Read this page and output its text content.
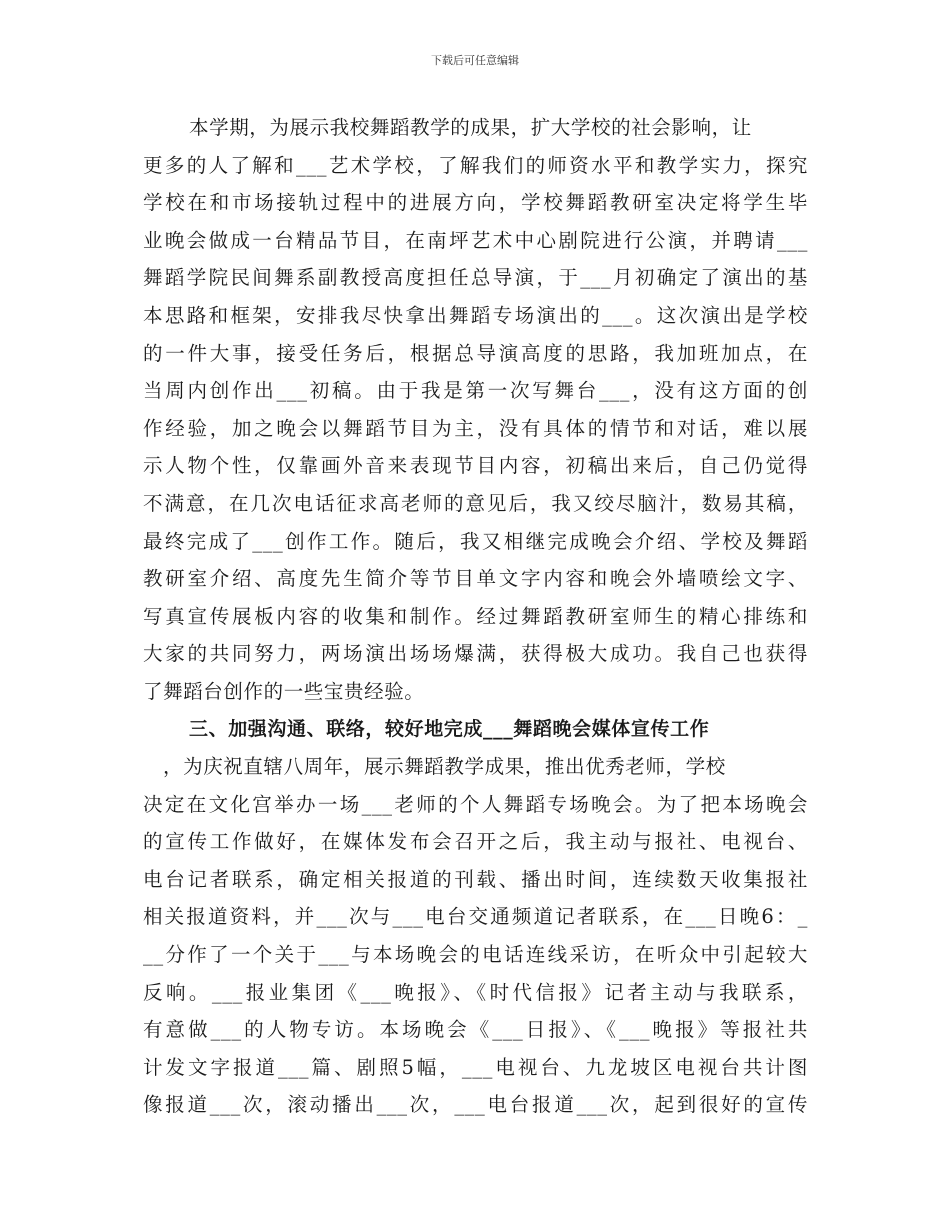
下载后可任意编辑
本学期，为展示我校舞蹈教学的成果，扩大学校的社会影响，让
更多的人了解和___艺术学校，了解我们的师资水平和教学实力，探究
学校在和市场接轨过程中的进展方向，学校舞蹈教研室决定将学生毕
业晚会做成一台精品节目，在南坪艺术中心剧院进行公演，并聘请___
舞蹈学院民间舞系副教授高度担任总导演，于___月初确定了演出的基
本思路和框架，安排我尽快拿出舞蹈专场演出的___。这次演出是学校
的一件大事，接受任务后，根据总导演高度的思路，我加班加点，在
当周内创作出___初稿。由于我是第一次写舞台___，没有这方面的创
作经验，加之晚会以舞蹈节目为主，没有具体的情节和对话，难以展
示人物个性，仅靠画外音来表现节目内容，初稿出来后，自己仍觉得
不满意，在几次电话征求高老师的意见后，我又绞尽脑汁，数易其稿，
最终完成了___创作工作。随后，我又相继完成晚会介绍、学校及舞蹈
教研室介绍、高度先生简介等节目单文字内容和晚会外墙喷绘文字、
写真宣传展板内容的收集和制作。经过舞蹈教研室师生的精心排练和
大家的共同努力，两场演出场场爆满，获得极大成功。我自己也获得
了舞蹈台创作的一些宝贵经验。
三、加强沟通、联络，较好地完成___舞蹈晚会媒体宣传工作
，为庆祝直辖八周年，展示舞蹈教学成果，推出优秀老师，学校
决定在文化宫举办一场___老师的个人舞蹈专场晚会。为了把本场晚会
的宣传工作做好，在媒体发布会召开之后，我主动与报社、电视台、
电台记者联系，确定相关报道的刊载、播出时间，连续数天收集报社
相关报道资料，并___次与___电台交通频道记者联系，在___日晚6：_
__分作了一个关于___与本场晚会的电话连线采访，在听众中引起较大
反响。___报业集团《___晚报》、《时代信报》记者主动与我联系，
有意做___的人物专访。本场晚会《___日报》、《___晚报》等报社共
计发文字报道___篇、剧照5幅，___电视台、九龙坡区电视台共计图
像报道___次，滚动播出___次，___电台报道___次，起到很好的宣传
